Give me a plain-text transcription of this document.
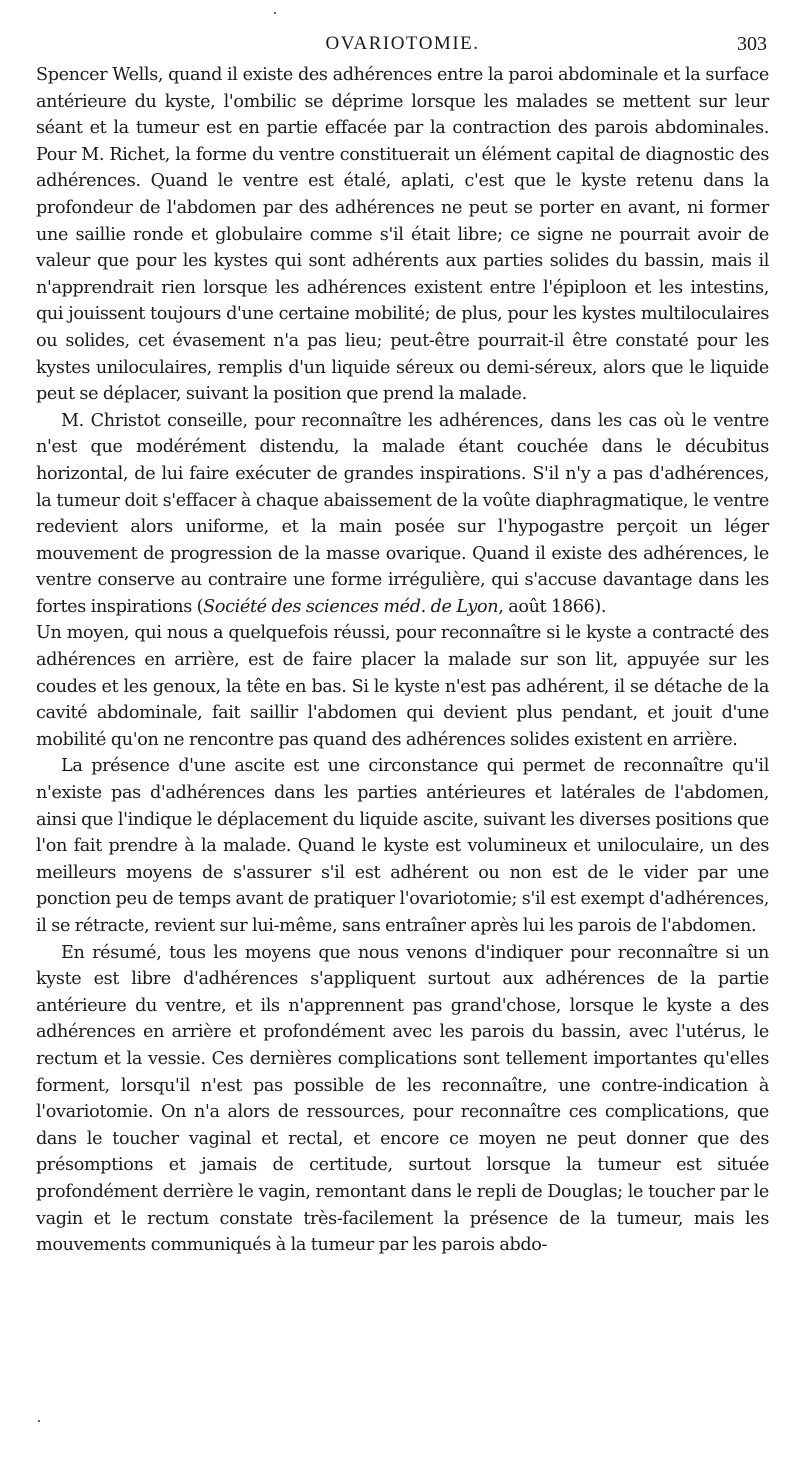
OVARIOTOMIE.	303

Spencer Wells, quand il existe des adhérences entre la paroi abdominale et la surface antérieure du kyste, l'ombilic se déprime lorsque les malades se mettent sur leur séant et la tumeur est en partie effacée par la contraction des parois abdominales. Pour M. Richet, la forme du ventre constituerait un élément capital de diagnostic des adhérences. Quand le ventre est étalé, aplati, c'est que le kyste retenu dans la profondeur de l'abdomen par des adhérences ne peut se porter en avant, ni former une saillie ronde et globulaire comme s'il était libre; ce signe ne pourrait avoir de valeur que pour les kystes qui sont adhérents aux parties solides du bassin, mais il n'apprendrait rien lorsque les adhérences existent entre l'épiploon et les intestins, qui jouissent toujours d'une certaine mobilité; de plus, pour les kystes multiloculaires ou solides, cet évasement n'a pas lieu; peut-être pourrait-il être constaté pour les kystes uniloculaires, remplis d'un liquide séreux ou demi-séreux, alors que le liquide peut se déplacer, suivant la position que prend la malade.

M. Christot conseille, pour reconnaître les adhérences, dans les cas où le ventre n'est que modérément distendu, la malade étant couchée dans le décubitus horizontal, de lui faire exécuter de grandes inspirations. S'il n'y a pas d'adhérences, la tumeur doit s'effacer à chaque abaissement de la voûte diaphragmatique, le ventre redevient alors uniforme, et la main posée sur l'hypogastre perçoit un léger mouvement de progression de la masse ovarique. Quand il existe des adhérences, le ventre conserve au contraire une forme irrégulière, qui s'accuse davantage dans les fortes inspirations (Société des sciences méd. de Lyon, août 1866).

Un moyen, qui nous a quelquefois réussi, pour reconnaître si le kyste a contracté des adhérences en arrière, est de faire placer la malade sur son lit, appuyée sur les coudes et les genoux, la tête en bas. Si le kyste n'est pas adhérent, il se détache de la cavité abdominale, fait saillir l'abdomen qui devient plus pendant, et jouit d'une mobilité qu'on ne rencontre pas quand des adhérences solides existent en arrière.

La présence d'une ascite est une circonstance qui permet de reconnaître qu'il n'existe pas d'adhérences dans les parties antérieures et latérales de l'abdomen, ainsi que l'indique le déplacement du liquide ascite, suivant les diverses positions que l'on fait prendre à la malade. Quand le kyste est volumineux et uniloculaire, un des meilleurs moyens de s'assurer s'il est adhérent ou non est de le vider par une ponction peu de temps avant de pratiquer l'ovariotomie; s'il est exempt d'adhérences, il se rétracte, revient sur lui-même, sans entraîner après lui les parois de l'abdomen.

En résumé, tous les moyens que nous venons d'indiquer pour reconnaître si un kyste est libre d'adhérences s'appliquent surtout aux adhérences de la partie antérieure du ventre, et ils n'apprennent pas grand'chose, lorsque le kyste a des adhérences en arrière et profondément avec les parois du bassin, avec l'utérus, le rectum et la vessie. Ces dernières complications sont tellement importantes qu'elles forment, lorsqu'il n'est pas possible de les reconnaître, une contre-indication à l'ovariotomie. On n'a alors de ressources, pour reconnaître ces complications, que dans le toucher vaginal et rectal, et encore ce moyen ne peut donner que des présomptions et jamais de certitude, surtout lorsque la tumeur est située profondément derrière le vagin, remontant dans le repli de Douglas; le toucher par le vagin et le rectum constate très-facilement la présence de la tumeur, mais les mouvements communiqués à la tumeur par les parois abdo-
